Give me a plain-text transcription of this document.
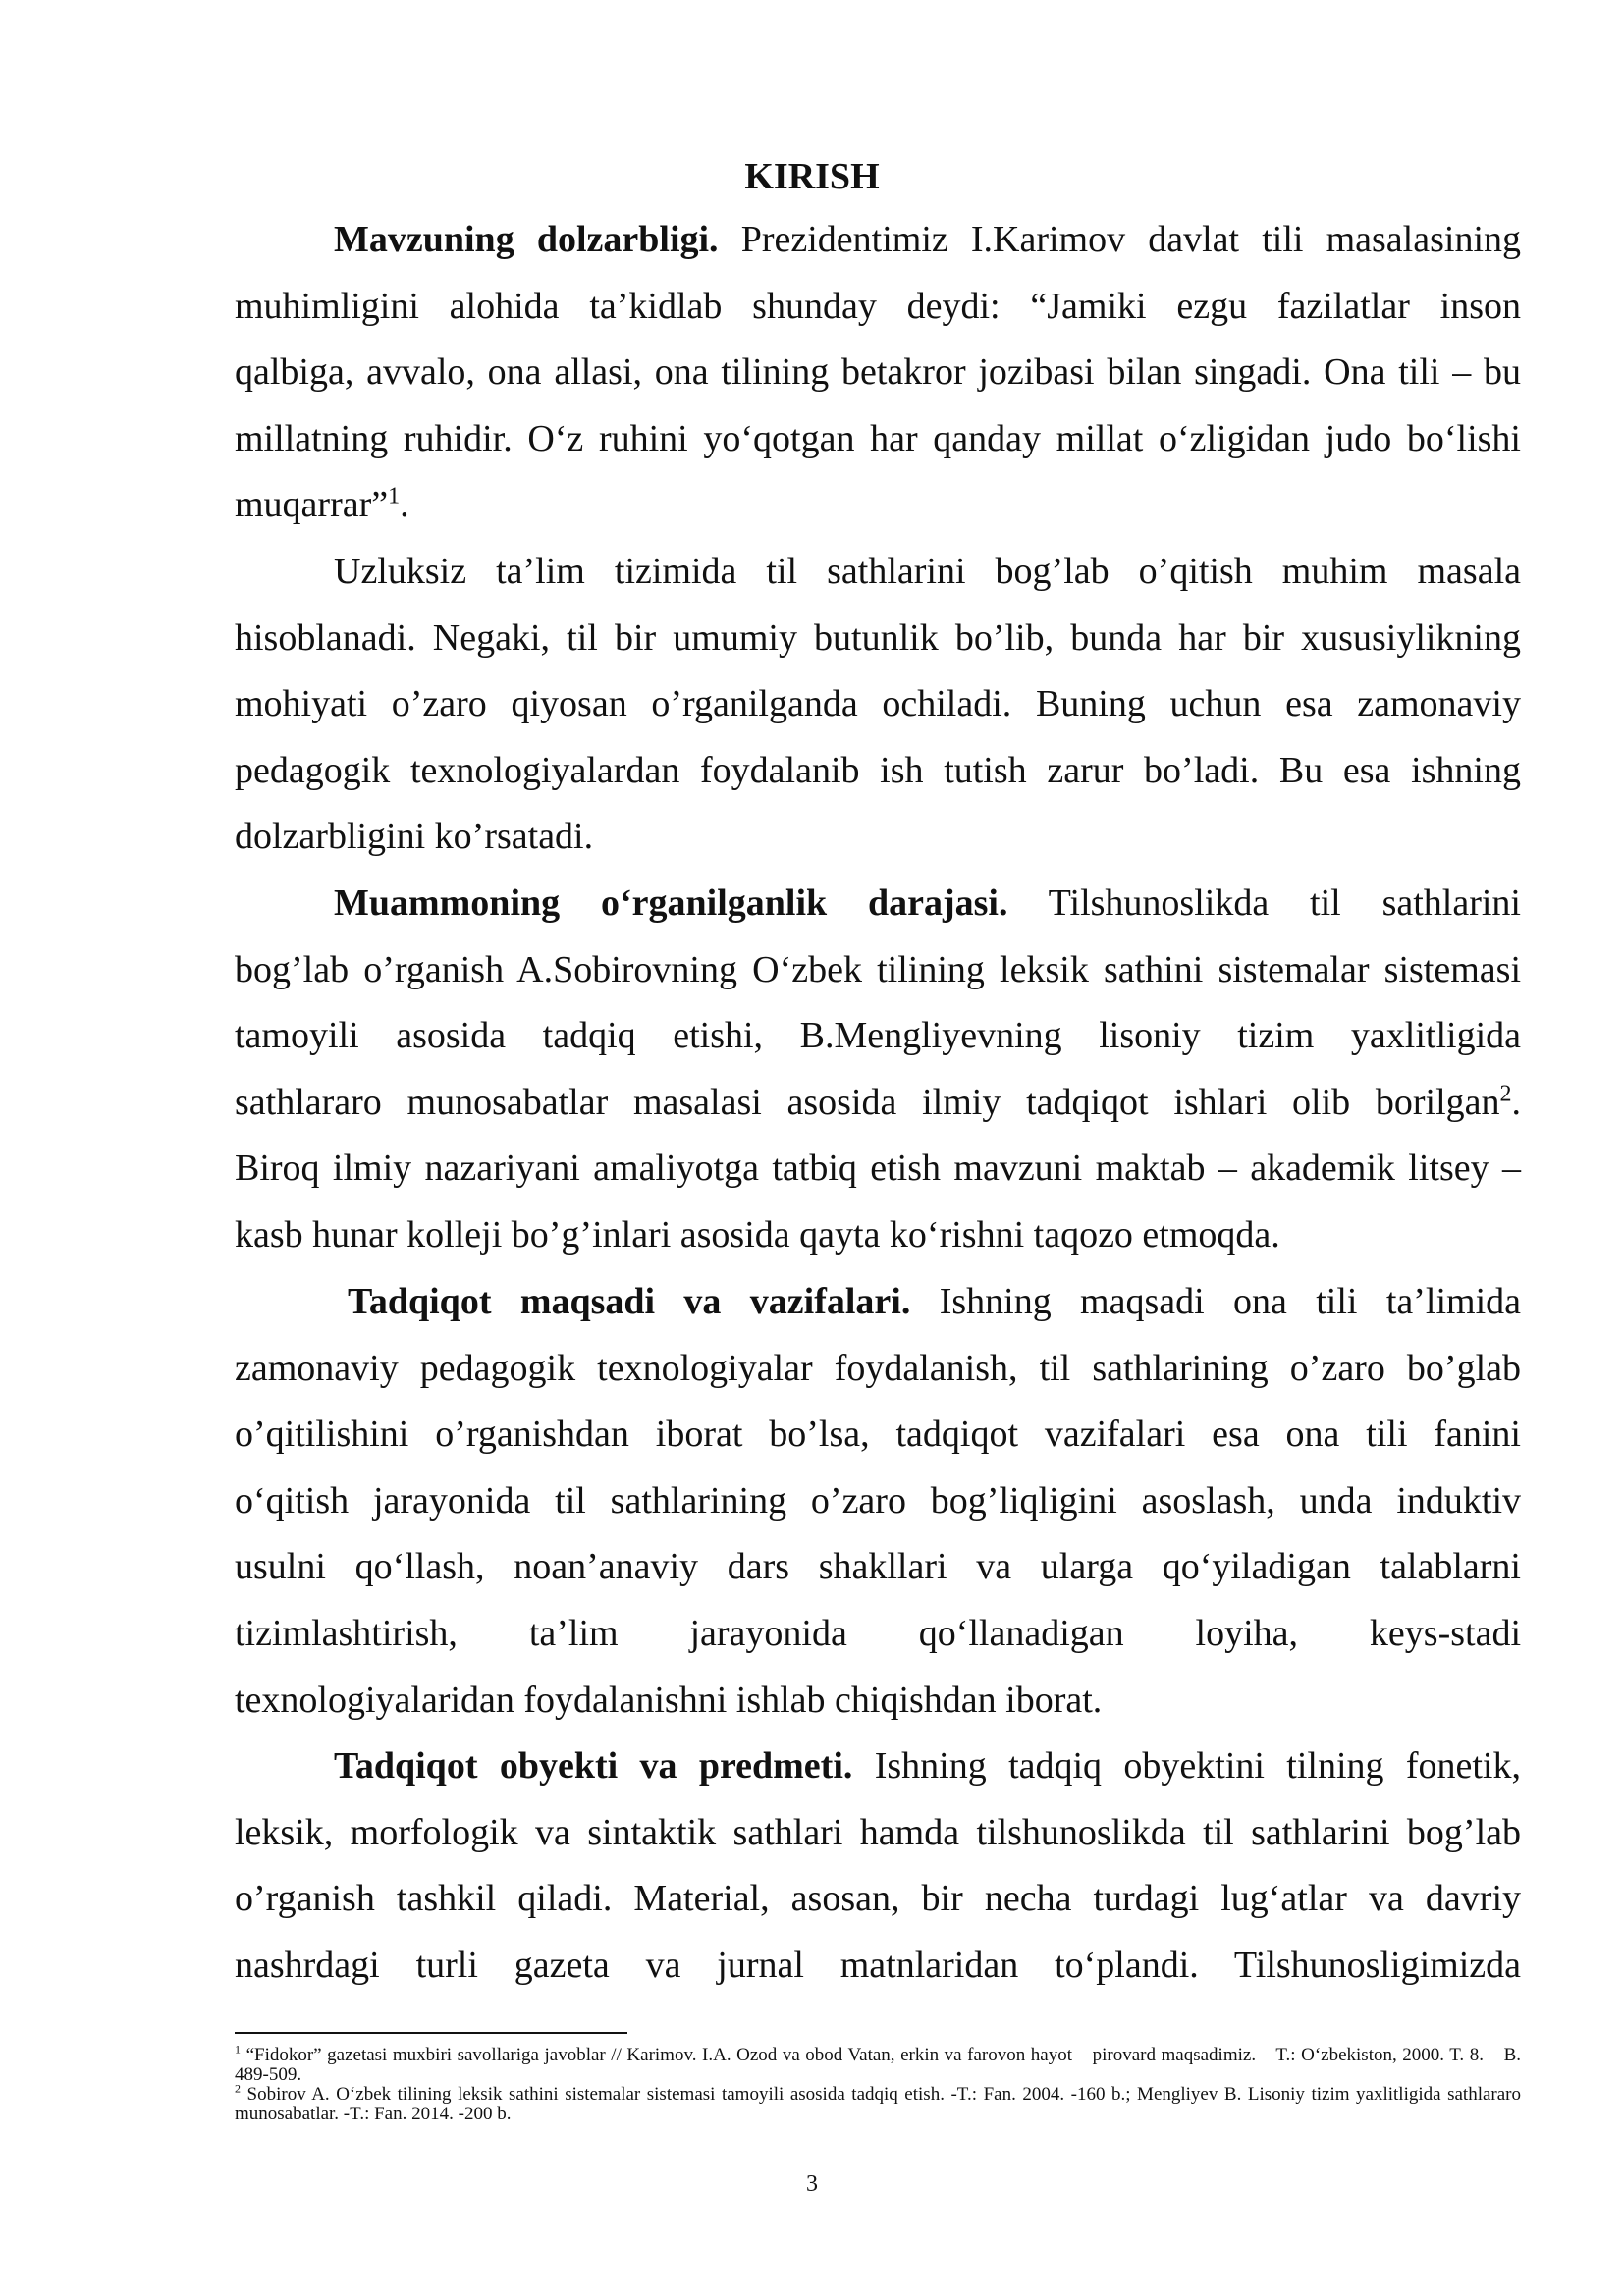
KIRISH
Mavzuning dolzarbligi. Prezidentimiz I.Karimov davlat tili masalasining
muhimligini alohida ta’kidlab shunday deydi: “Jamiki ezgu fazilatlar inson
qalbiga, avvalo, ona allasi, ona tilining betakror jozibasi bilan singadi. Ona tili – bu
millatning ruhidir. O‘z ruhini yo‘qotgan har qanday millat o‘zligidan judo bo‘lishi
muqarrar”$^1$.
Uzluksiz ta’lim tizimida til sathlarini bog’lab o’qitish muhim masala
hisoblanadi. Negaki, til bir umumiy butunlik bo’lib, bunda har bir xususiylikning
mohiyati o’zaro qiyosan o’rganilganda ochiladi. Buning uchun esa zamonaviy
pedagogik texnologiyalardan foydalanib ish tutish zarur bo’ladi. Bu esa ishning
dolzarbligini ko’rsatadi.
Muammoning o‘rganilganlik darajasi. Tilshunoslikda til sathlarini
bog’lab o’rganish A.Sobirovning O‘zbek tilining leksik sathini sistemalar sistemasi
tamoyili asosida tadqiq etishi, B.Mengliyevning lisoniy tizim yaxlitligida
sathlararo munosabatlar masalasi asosida ilmiy tadqiqot ishlari olib borilgan$^2$.
Biroq ilmiy nazariyani amaliyotga tatbiq etish mavzuni maktab – akademik litsey –
kasb hunar kolleji bo’g’inlari asosida qayta ko‘rishni taqozo etmoqda.
Tadqiqot maqsadi va vazifalari. Ishning maqsadi ona tili ta’limida
zamonaviy pedagogik texnologiyalar foydalanish, til sathlarining o’zaro bo’glab
o’qitilishini o’rganishdan iborat bo’lsa, tadqiqot vazifalari esa ona tili fanini
o‘qitish jarayonida til sathlarining o’zaro bog’liqligini asoslash, unda induktiv
usulni qo‘llash, noan’anaviy dars shakllari va ularga qo‘yiladigan talablarni
tizimlashtirish, ta’lim jarayonida qo‘llanadigan loyiha, keys-stadi
texnologiyalaridan foydalanishni ishlab chiqishdan iborat.
Tadqiqot obyekti va predmeti. Ishning tadqiq obyektini tilning fonetik,
leksik, morfologik va sintaktik sathlari hamda tilshunoslikda til sathlarini bog’lab
o’rganish tashkil qiladi. Material, asosan, bir necha turdagi lug‘atlar va davriy
nashrdagi turli gazeta va jurnal matnlaridan to‘plandi. Tilshunosligimizda

$^1$ “Fidokor” gazetasi muxbiri savollariga javoblar // Karimov. I.A. Ozod va obod Vatan, erkin va farovon hayot – pirovard maqsadimiz. – T.: O‘zbekiston, 2000. T. 8. – B. 489-509.

$^2$ Sobirov A. O‘zbek tilining leksik sathini sistemalar sistemasi tamoyili asosida tadqiq etish. -T.: Fan. 2004. -160 b.; Mengliyev B. Lisoniy tizim yaxlitligida sathlararo munosabatlar. -T.: Fan. 2014. -200 b.

3
